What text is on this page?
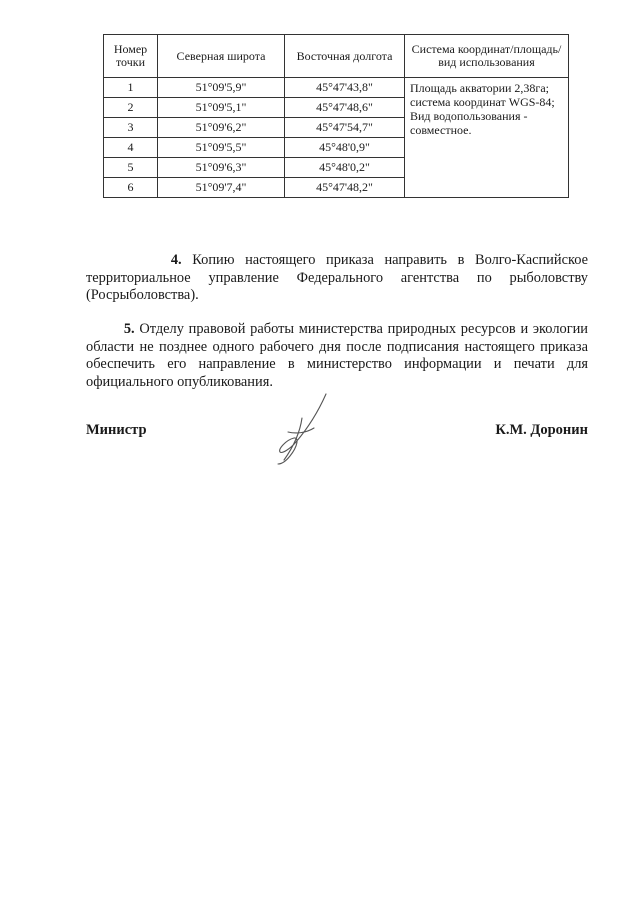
Номер точки	Северная широта	Восточная долгота	Система координат/площадь/вид использования
1	51°09'5,9"	45°47'43,8"	Площадь акватории 2,38га;
система координат WGS-84;
Вид водопользования - совместное.

2	51°09'5,1"	45°47'48,6"	
3	51°09'6,2"	45°47'54,7"	
4	51°09'5,5"	45°48'0,9"	
5	51°09'6,3"	45°48'0,2"	
6	51°09'7,4"	45°47'48,2"	

4. Копию настоящего приказа направить в Волго-Каспийское территориальное управление Федерального агентства по рыболовству (Росрыболовства).

5. Отделу правовой работы министерства природных ресурсов и экологии области не позднее одного рабочего дня после подписания настоящего приказа обеспечить его направление в министерство информации и печати для официального опубликования.

Министр	К.М. Доронин
